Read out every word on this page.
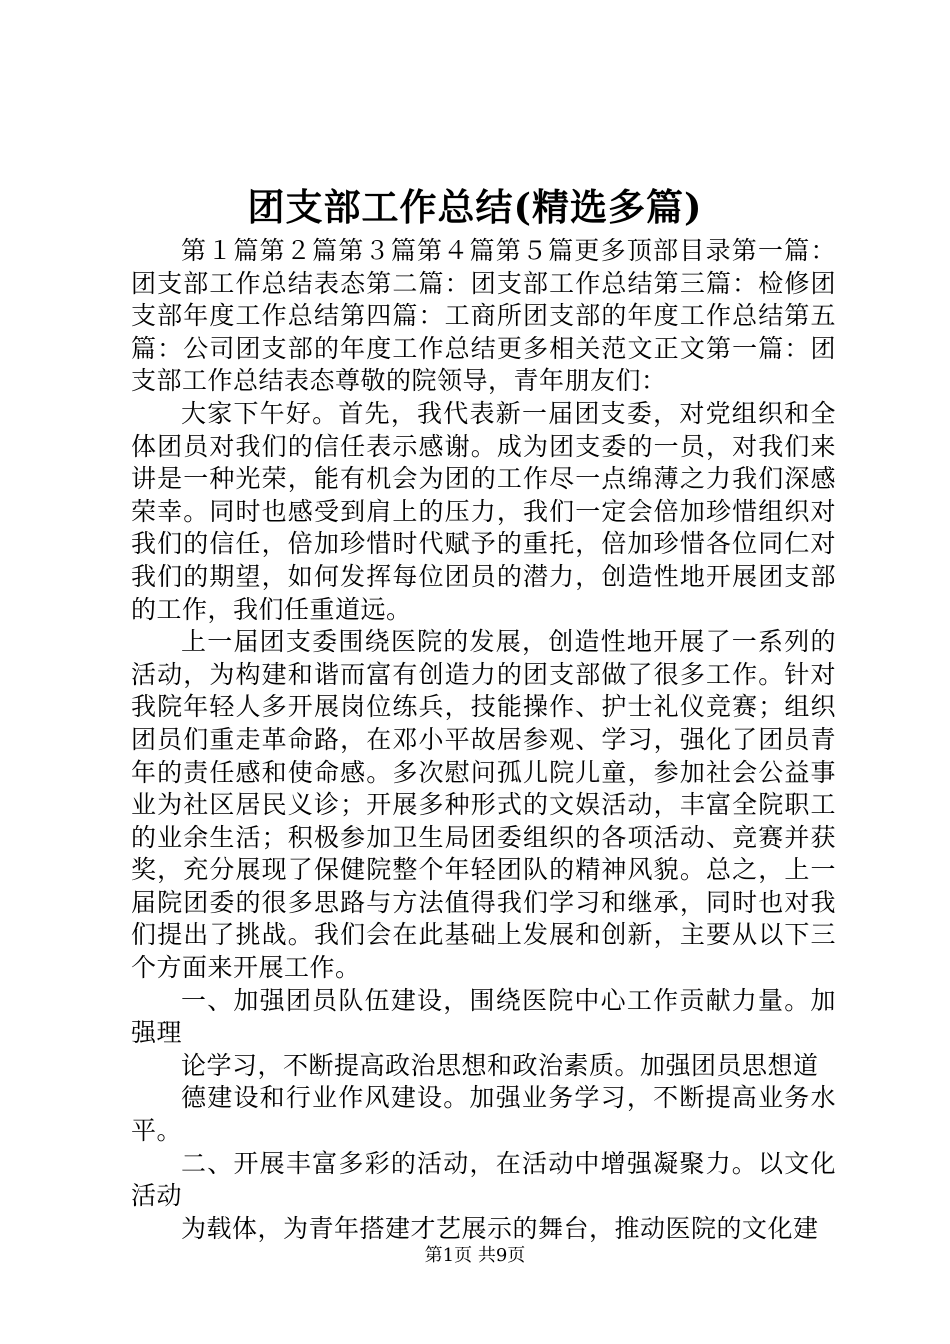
团支部工作总结(精选多篇)

第１篇第２篇第３篇第４篇第５篇更多顶部目录第一篇：团支部工作总结表态第二篇：团支部工作总结第三篇：检修团支部年度工作总结第四篇：工商所团支部的年度工作总结第五篇：公司团支部的年度工作总结更多相关范文正文第一篇：团支部工作总结表态尊敬的院领导，青年朋友们：

大家下午好。首先，我代表新一届团支委，对党组织和全体团员对我们的信任表示感谢。成为团支委的一员，对我们来讲是一种光荣，能有机会为团的工作尽一点绵薄之力我们深感荣幸。同时也感受到肩上的压力，我们一定会倍加珍惜组织对我们的信任，倍加珍惜时代赋予的重托，倍加珍惜各位同仁对我们的期望，如何发挥每位团员的潜力，创造性地开展团支部的工作，我们任重道远。

上一届团支委围绕医院的发展，创造性地开展了一系列的活动，为构建和谐而富有创造力的团支部做了很多工作。针对我院年轻人多开展岗位练兵，技能操作、护士礼仪竞赛；组织团员们重走革命路，在邓小平故居参观、学习，强化了团员青年的责任感和使命感。多次慰问孤儿院儿童，参加社会公益事业为社区居民义诊；开展多种形式的文娱活动，丰富全院职工的业余生活；积极参加卫生局团委组织的各项活动、竞赛并获奖，充分展现了保健院整个年轻团队的精神风貌。总之，上一届院团委的很多思路与方法值得我们学习和继承，同时也对我们提出了挑战。我们会在此基础上发展和创新，主要从以下三个方面来开展工作。

一、加强团员队伍建设，围绕医院中心工作贡献力量。加强理

论学习，不断提高政治思想和政治素质。加强团员思想道

德建设和行业作风建设。加强业务学习，不断提高业务水平。

二、开展丰富多彩的活动，在活动中增强凝聚力。以文化活动

为载体，为青年搭建才艺展示的舞台，推动医院的文化建

第1页 共9页
